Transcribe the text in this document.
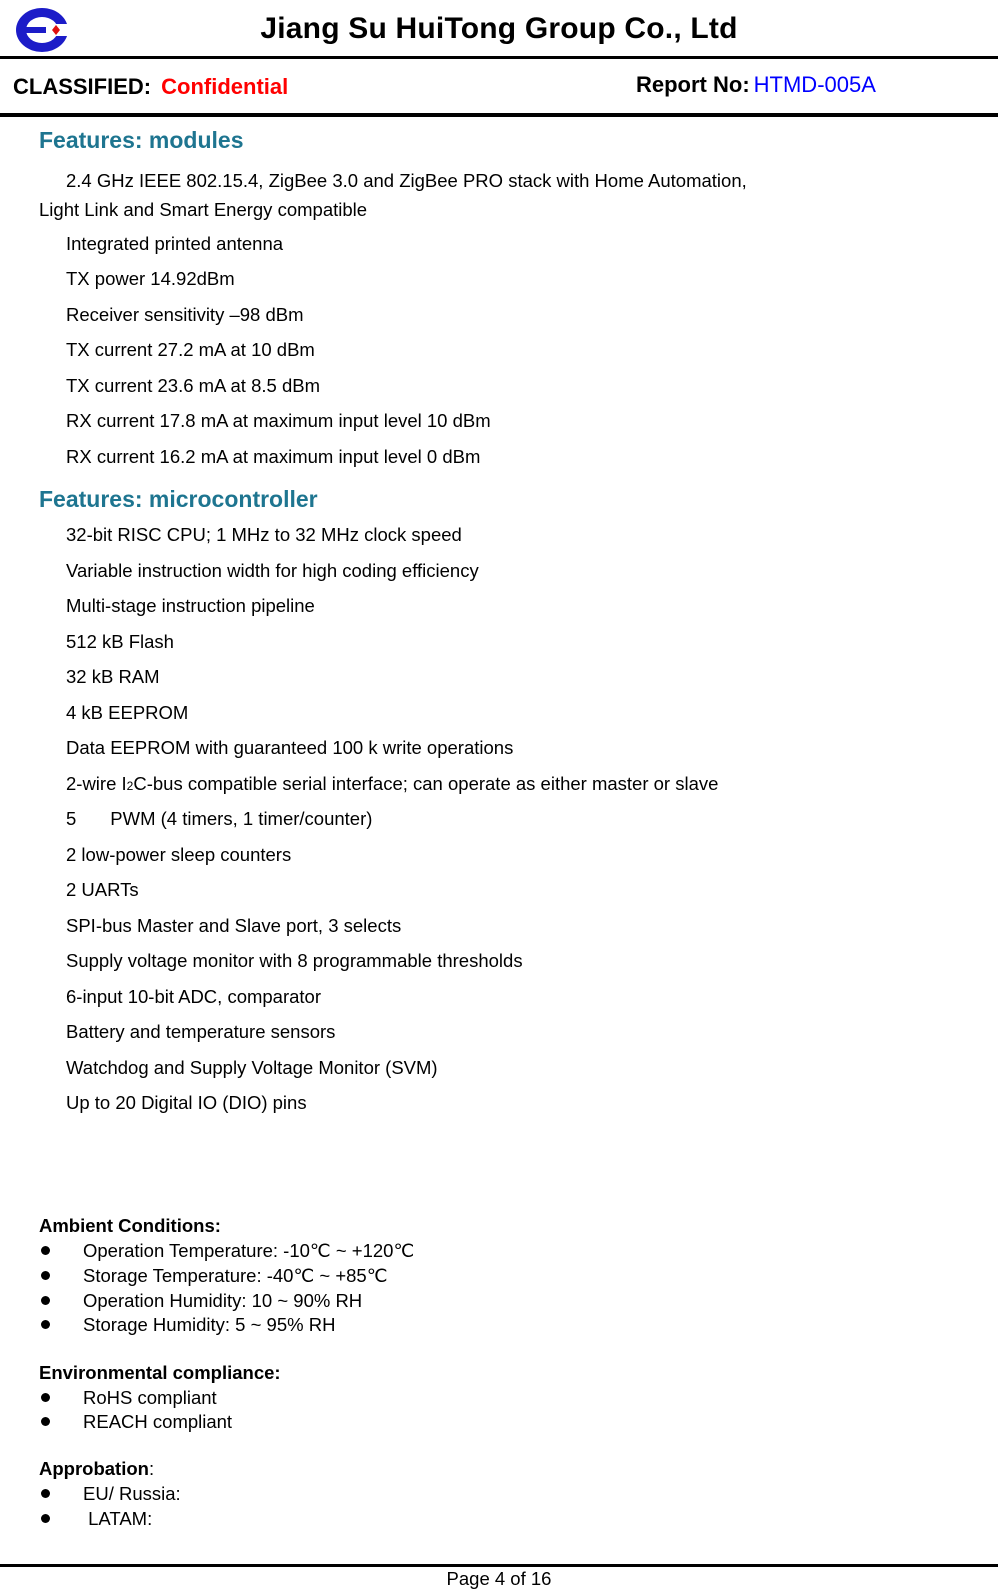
Jiang Su HuiTong Group Co., Ltd
CLASSIFIED: Confidential	Report No: HTMD-005A
Features: modules
2.4 GHz IEEE 802.15.4, ZigBee 3.0 and ZigBee PRO stack with Home Automation,
Light Link and Smart Energy compatible
Integrated printed antenna
TX power 14.92dBm
Receiver sensitivity –98 dBm
TX current 27.2 mA at 10 dBm
TX current 23.6 mA at 8.5 dBm
RX current 17.8 mA at maximum input level 10 dBm
RX current 16.2 mA at maximum input level 0 dBm
Features: microcontroller
32-bit RISC CPU; 1 MHz to 32 MHz clock speed
Variable instruction width for high coding efficiency
Multi-stage instruction pipeline
512 kB Flash
32 kB RAM
4 kB EEPROM
Data EEPROM with guaranteed 100 k write operations
2-wire I2C-bus compatible serial interface; can operate as either master or slave
5 PWM (4 timers, 1 timer/counter)
2 low-power sleep counters
2 UARTs
SPI-bus Master and Slave port, 3 selects
Supply voltage monitor with 8 programmable thresholds
6-input 10-bit ADC, comparator
Battery and temperature sensors
Watchdog and Supply Voltage Monitor (SVM)
Up to 20 Digital IO (DIO) pins
Ambient Conditions:
Operation Temperature: -10℃ ~ +120℃
Storage Temperature: -40℃ ~ +85℃
Operation Humidity: 10 ~ 90% RH
Storage Humidity: 5 ~ 95% RH
Environmental compliance:
RoHS compliant
REACH compliant
Approbation:
EU/ Russia:
LATAM:
Page 4 of 16
